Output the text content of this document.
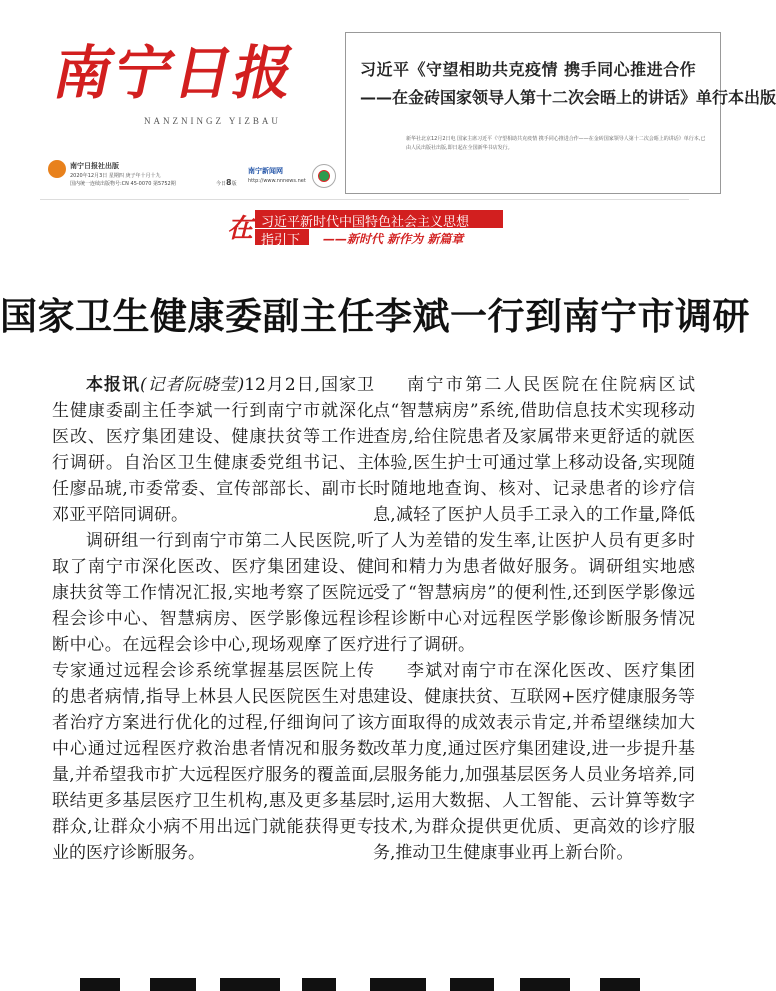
南宁日报
NANZNINGZ YIZBAU
南宁日报社出版
2020年12月3日 星期四 庚子年十月十九
国内统一连续出版物号:CN 45-0070 第5752期	今日8版
南宁新闻网
http://www.nnnews.net
习近平《守望相助共克疫情 携手同心推进合作
——在金砖国家领导人第十二次会晤上的讲话》单行本出版
新华社北京12月2日电 国家主席习近平《守望相助共克疫情 携手同心推进合作——在金砖国家领导人第十二次会晤上的讲话》单行本,已由人民出版社出版,即日起在全国新华书店发行。
在 习近平新时代中国特色社会主义思想
指引下 ——新时代 新作为 新篇章
国家卫生健康委副主任李斌一行到南宁市调研

本报讯(记者阮晓莹)12月2日,国家卫生健康委副主任李斌一行到南宁市就深化医改、医疗集团建设、健康扶贫等工作进行调研。自治区卫生健康委党组书记、主任廖品琥,市委常委、宣传部部长、副市长邓亚平陪同调研。

调研组一行到南宁市第二人民医院,听取了南宁市深化医改、医疗集团建设、健康扶贫等工作情况汇报,实地考察了医院远程会诊中心、智慧病房、医学影像远程诊断中心。在远程会诊中心,现场观摩了医疗专家通过远程会诊系统掌握基层医院上传的患者病情,指导上林县人民医院医生对患者治疗方案进行优化的过程,仔细询问了该中心通过远程医疗救治患者情况和服务数量,并希望我市扩大远程医疗服务的覆盖面,联结更多基层医疗卫生机构,惠及更多基层群众,让群众小病不用出远门就能获得更专业的医疗诊断服务。

南宁市第二人民医院在住院病区试点“智慧病房”系统,借助信息技术实现移动查房,给住院患者及家属带来更舒适的就医体验,医生护士可通过掌上移动设备,实现随时随地地查询、核对、记录患者的诊疗信息,减轻了医护人员手工录入的工作量,降低了人为差错的发生率,让医护人员有更多时间和精力为患者做好服务。调研组实地感受了“智慧病房”的便利性,还到医学影像远程诊断中心对远程医学影像诊断服务情况进行了调研。

李斌对南宁市在深化医改、医疗集团建设、健康扶贫、互联网+医疗健康服务等方面取得的成效表示肯定,并希望继续加大改革力度,通过医疗集团建设,进一步提升基层服务能力,加强基层医务人员业务培养,同时,运用大数据、人工智能、云计算等数字技术,为群众提供更优质、更高效的诊疗服务,推动卫生健康事业再上新台阶。
